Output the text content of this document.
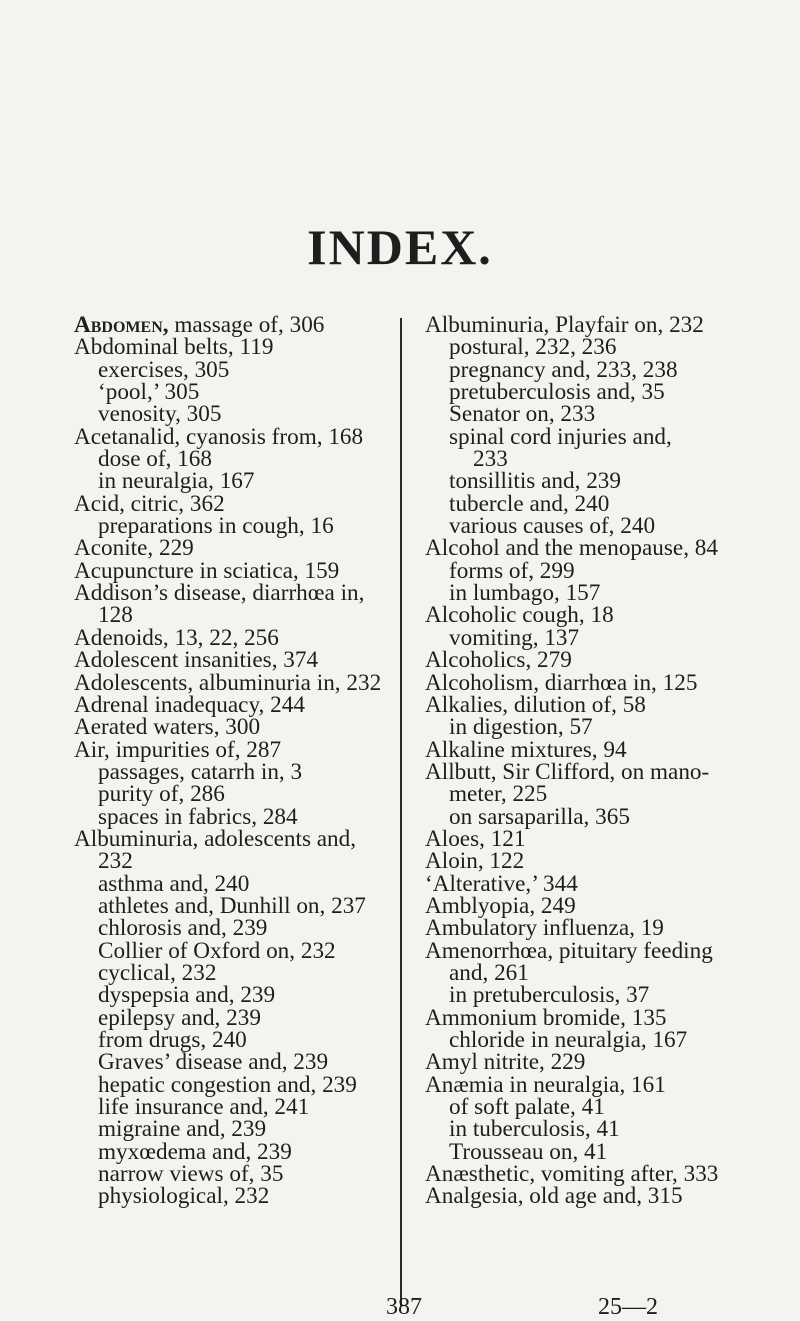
INDEX.
Abdomen, massage of, 306
Abdominal belts, 119
exercises, 305
‘pool,’ 305
venosity, 305
Acetanalid, cyanosis from, 168
dose of, 168
in neuralgia, 167
Acid, citric, 362
preparations in cough, 16
Aconite, 229
Acupuncture in sciatica, 159
Addison’s disease, diarrhœa in,
128
Adenoids, 13, 22, 256
Adolescent insanities, 374
Adolescents, albuminuria in, 232
Adrenal inadequacy, 244
Aerated waters, 300
Air, impurities of, 287
passages, catarrh in, 3
purity of, 286
spaces in fabrics, 284
Albuminuria, adolescents and,
232
asthma and, 240
athletes and, Dunhill on, 237
chlorosis and, 239
Collier of Oxford on, 232
cyclical, 232
dyspepsia and, 239
epilepsy and, 239
from drugs, 240
Graves’ disease and, 239
hepatic congestion and, 239
life insurance and, 241
migraine and, 239
myxœdema and, 239
narrow views of, 35
physiological, 232
Albuminuria, Playfair on, 232
postural, 232, 236
pregnancy and, 233, 238
pretuberculosis and, 35
Senator on, 233
spinal cord injuries and,
233
tonsillitis and, 239
tubercle and, 240
various causes of, 240
Alcohol and the menopause, 84
forms of, 299
in lumbago, 157
Alcoholic cough, 18
vomiting, 137
Alcoholics, 279
Alcoholism, diarrhœa in, 125
Alkalies, dilution of, 58
in digestion, 57
Alkaline mixtures, 94
Allbutt, Sir Clifford, on mano-
meter, 225
on sarsaparilla, 365
Aloes, 121
Aloin, 122
‘Alterative,’ 344
Amblyopia, 249
Ambulatory influenza, 19
Amenorrhœa, pituitary feeding
and, 261
in pretuberculosis, 37
Ammonium bromide, 135
chloride in neuralgia, 167
Amyl nitrite, 229
Anæmia in neuralgia, 161
of soft palate, 41
in tuberculosis, 41
Trousseau on, 41
Anæsthetic, vomiting after, 333
Analgesia, old age and, 315
387	25—2
